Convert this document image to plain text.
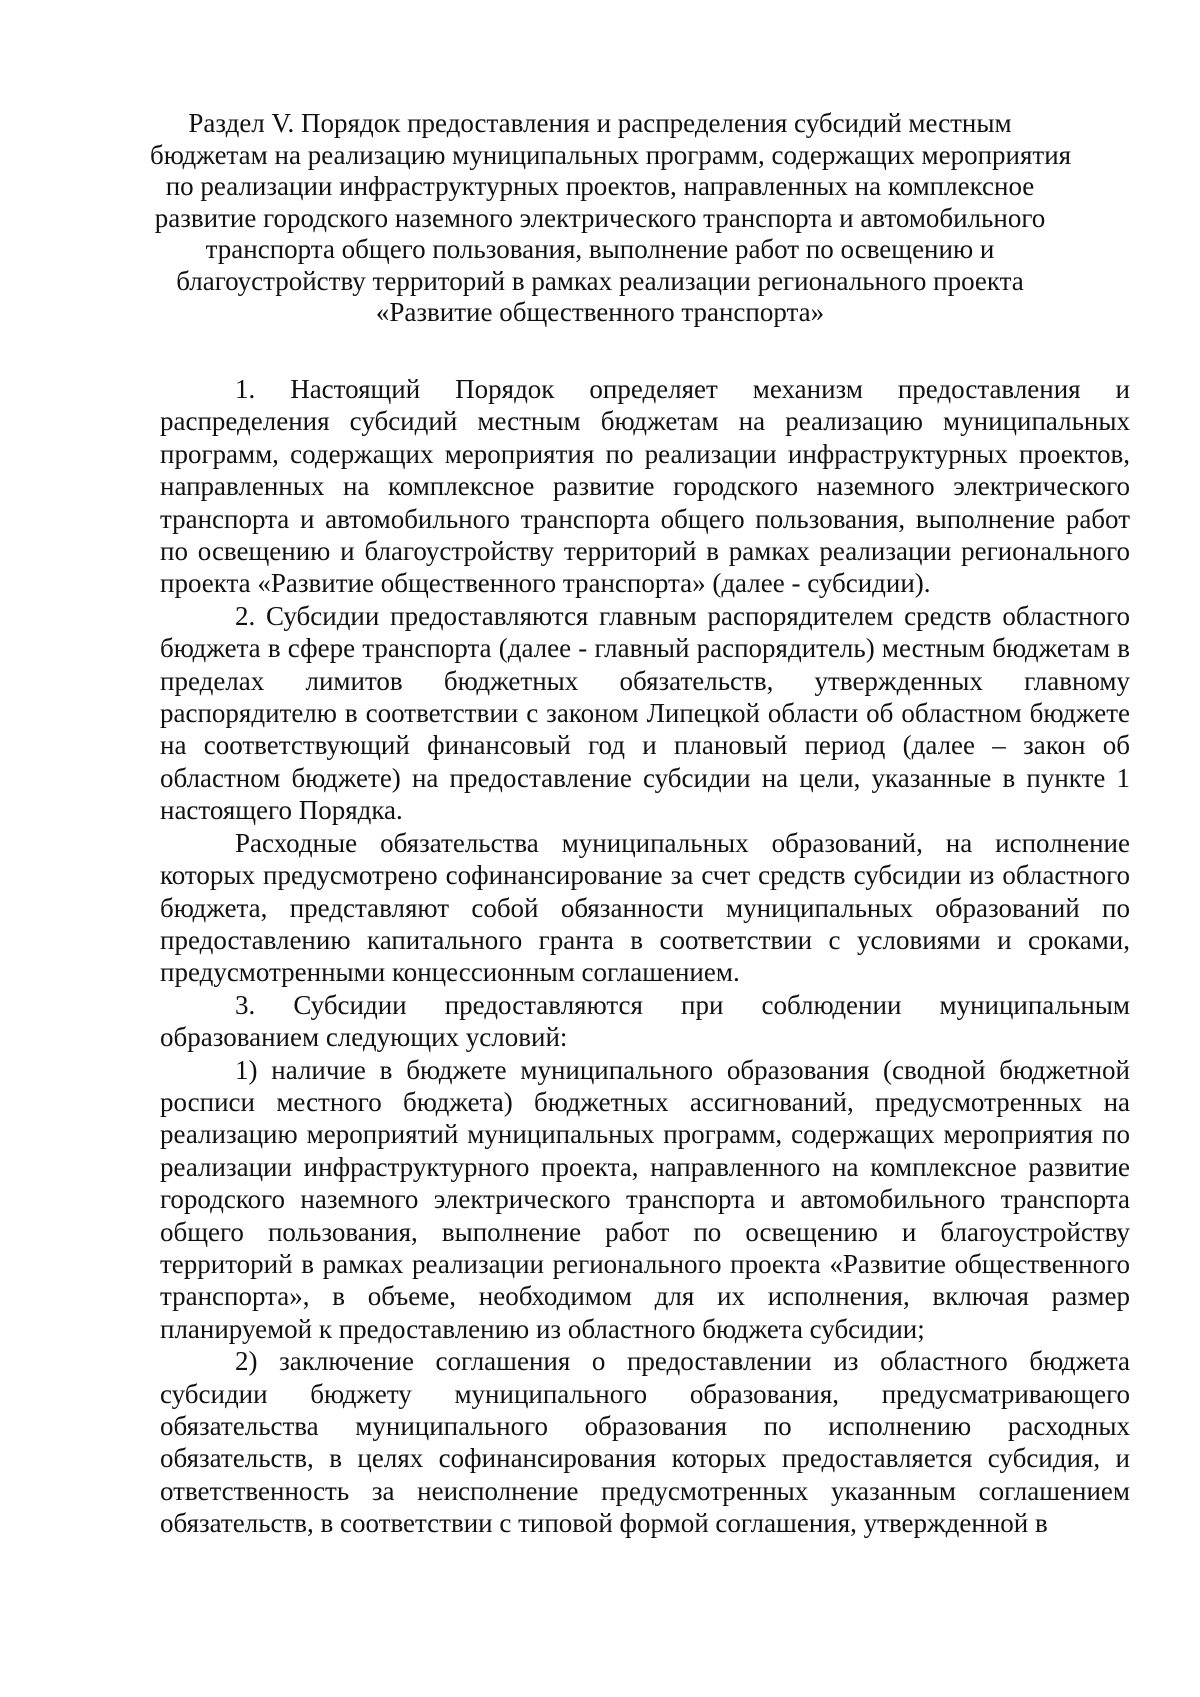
Раздел V. Порядок предоставления и распределения субсидий местным
бюджетам на реализацию муниципальных программ, содержащих мероприятия
по реализации инфраструктурных проектов, направленных на комплексное
развитие городского наземного электрического транспорта и автомобильного
транспорта общего пользования, выполнение работ по освещению и
благоустройству территорий в рамках реализации регионального проекта
«Развитие общественного транспорта»

1. Настоящий Порядок определяет механизм предоставления и распределения субсидий местным бюджетам на реализацию муниципальных программ, содержащих мероприятия по реализации инфраструктурных проектов, направленных на комплексное развитие городского наземного электрического транспорта и автомобильного транспорта общего пользования, выполнение работ по освещению и благоустройству территорий в рамках реализации регионального проекта «Развитие общественного транспорта» (далее - субсидии).

2. Субсидии предоставляются главным распорядителем средств областного бюджета в сфере транспорта (далее - главный распорядитель) местным бюджетам в пределах лимитов бюджетных обязательств, утвержденных главному распорядителю в соответствии с законом Липецкой области об областном бюджете на соответствующий финансовый год и плановый период (далее – закон об областном бюджете) на предоставление субсидии на цели, указанные в пункте 1 настоящего Порядка.

Расходные обязательства муниципальных образований, на исполнение которых предусмотрено софинансирование за счет средств субсидии из областного бюджета, представляют собой обязанности муниципальных образований по предоставлению капитального гранта в соответствии с условиями и сроками, предусмотренными концессионным соглашением.

3. Субсидии предоставляются при соблюдении муниципальным образованием следующих условий:

1) наличие в бюджете муниципального образования (сводной бюджетной росписи местного бюджета) бюджетных ассигнований, предусмотренных на реализацию мероприятий муниципальных программ, содержащих мероприятия по реализации инфраструктурного проекта, направленного на комплексное развитие городского наземного электрического транспорта и автомобильного транспорта общего пользования, выполнение работ по освещению и благоустройству территорий в рамках реализации регионального проекта «Развитие общественного транспорта», в объеме, необходимом для их исполнения, включая размер планируемой к предоставлению из областного бюджета субсидии;

2) заключение соглашения о предоставлении из областного бюджета субсидии бюджету муниципального образования, предусматривающего обязательства муниципального образования по исполнению расходных обязательств, в целях софинансирования которых предоставляется субсидия, и ответственность за неисполнение предусмотренных указанным соглашением обязательств, в соответствии с типовой формой соглашения, утвержденной в
